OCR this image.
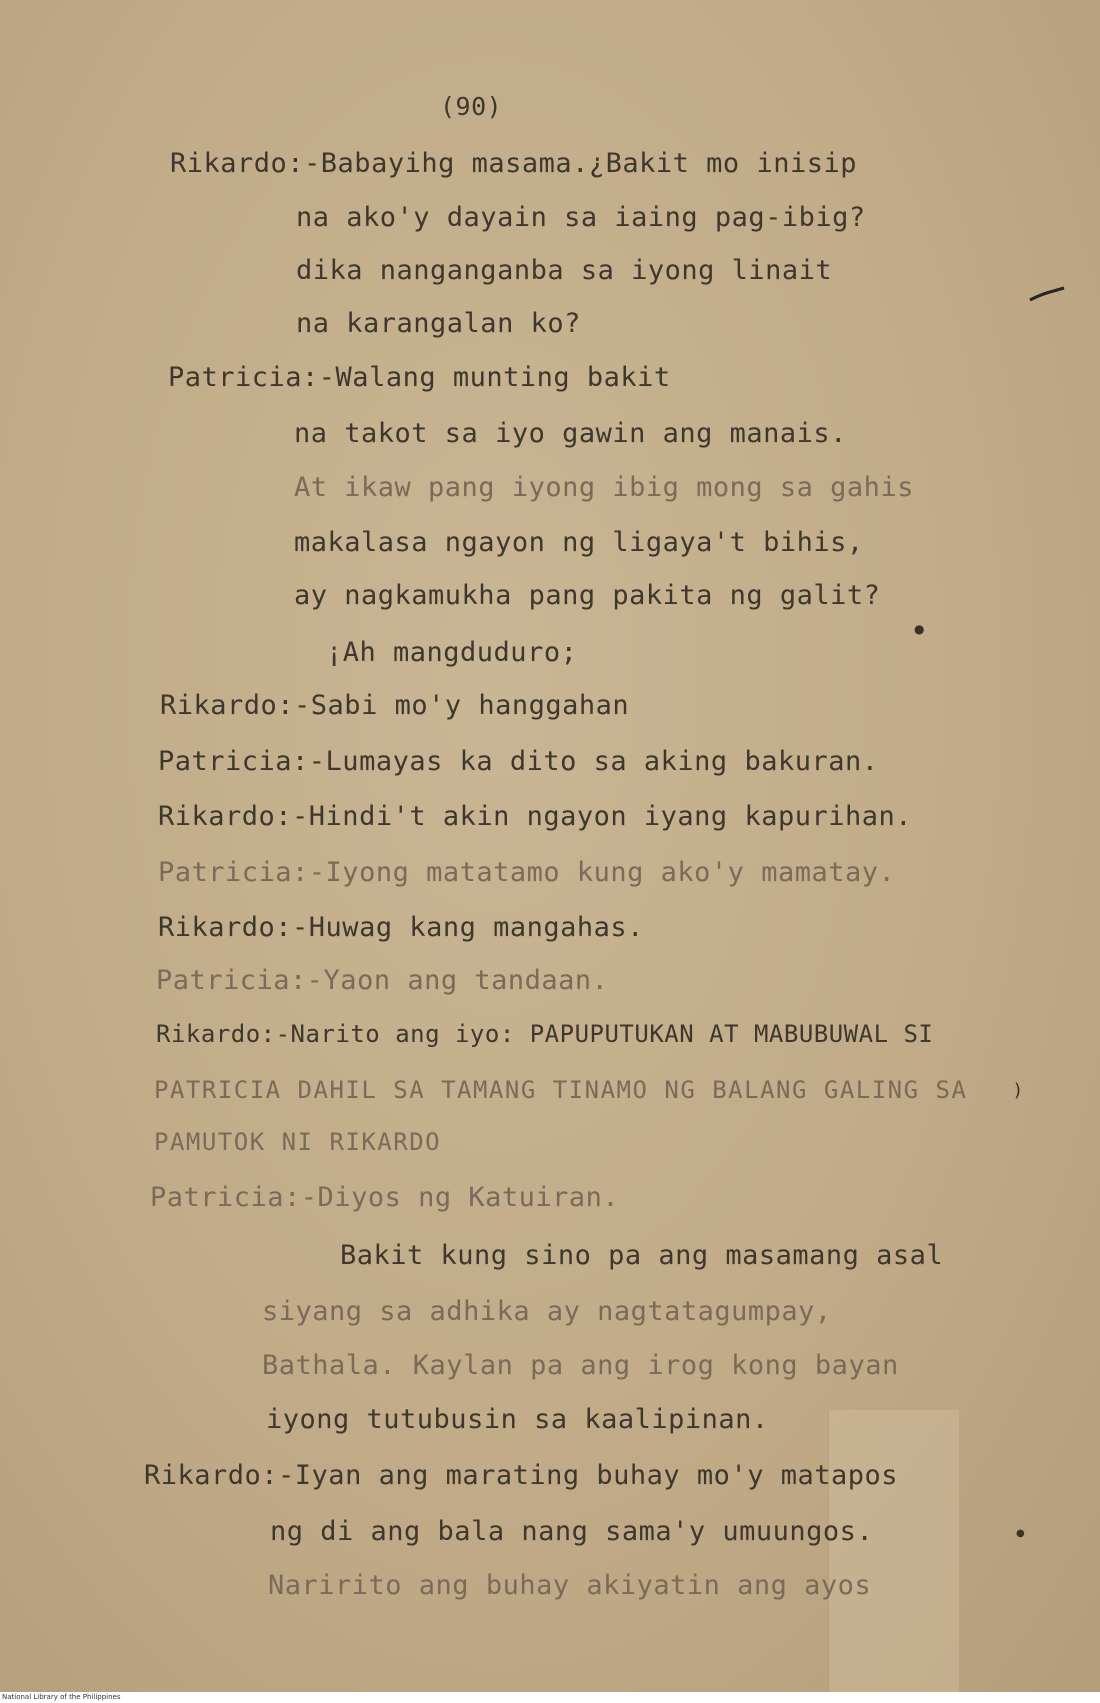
(90)
Rikardo:-Babayihg masama.¿Bakit mo inisip
na ako'y dayain sa iaing pag-ibig?
dika nanganganba sa iyong linait
na karangalan ko?
Patricia:-Walang munting bakit
na takot sa iyo gawin ang manais.
At ikaw pang iyong ibig mong sa gahis
makalasa ngayon ng ligaya't bihis,
ay nagkamukha pang pakita ng galit?
¡Ah mangdudurо;
Rikardo:-Sabi mo'y hanggahan
Patricia:-Lumayas ka dito sa aking bakuran.
Rikardo:-Hindi't akin ngayon iyang kapurihan.
Patricia:-Iyong matatamo kung ako'y mamatay.
Rikardo:-Huwag kang mangahas.
Patricia:-Yaon ang tandaan.
Rikardo:-Narito ang iyo: PAPUPUTUKAN AT MABUBUWAL SI
PATRICIA DAHIL SA TAMANG TINAMO NG BALANG GALING SA
PAMUTOK NI RIKARDO
Patricia:-Diyos ng Katuiran.
Bakit kung sino pa ang masamang asal
siyang sa adhika ay nagtatagumpay,
Bathala. Kaylan pa ang irog kong bayan
iyong tutubusin sa kaalipinan.
Rikardo:-Iyan ang marating buhay mo'y matapos
ng di ang bala nang sama'y umuungos.
Naririto ang buhay akiyatin ang ayos
)
●
●
National Library of the Philippines
